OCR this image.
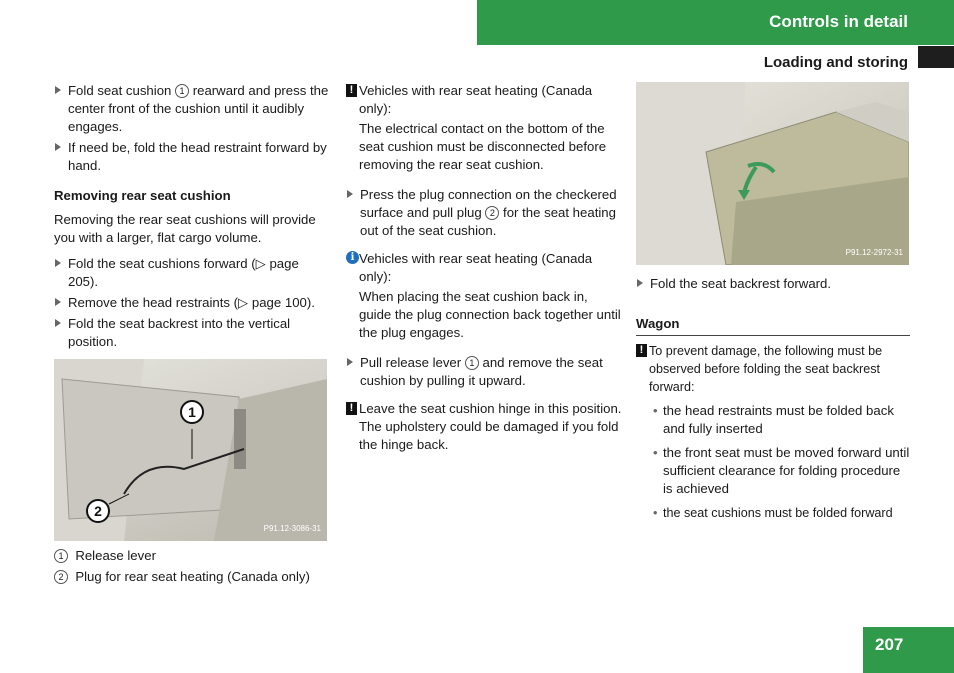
Controls in detail
Loading and storing
Fold seat cushion 1 rearward and press the center front of the cushion until it audibly engages.
If need be, fold the head restraint forward by hand.
Removing rear seat cushion
Removing the rear seat cushions will provide you with a larger, flat cargo volume.
Fold the seat cushions forward (▷ page 205).
Remove the head restraints (▷ page 100).
Fold the seat backrest into the vertical position.
1
2
P91.12-3086-31
1 Release lever
2 Plug for rear seat heating (Canada only)
! Vehicles with rear seat heating (Canada only):
The electrical contact on the bottom of the seat cushion must be disconnected before removing the rear seat cushion.
Press the plug connection on the checkered surface and pull plug 2 for the seat heating out of the seat cushion.
i Vehicles with rear seat heating (Canada only):
When placing the seat cushion back in, guide the plug connection back together until the plug engages.
Pull release lever 1 and remove the seat cushion by pulling it upward.
! Leave the seat cushion hinge in this position. The upholstery could be damaged if you fold the hinge back.
P91.12-2972-31
Fold the seat backrest forward.
Wagon
! To prevent damage, the following must be observed before folding the seat backrest forward:
• the head restraints must be folded back and fully inserted
• the front seat must be moved forward until sufficient clearance for folding procedure is achieved
• the seat cushions must be folded forward
207
